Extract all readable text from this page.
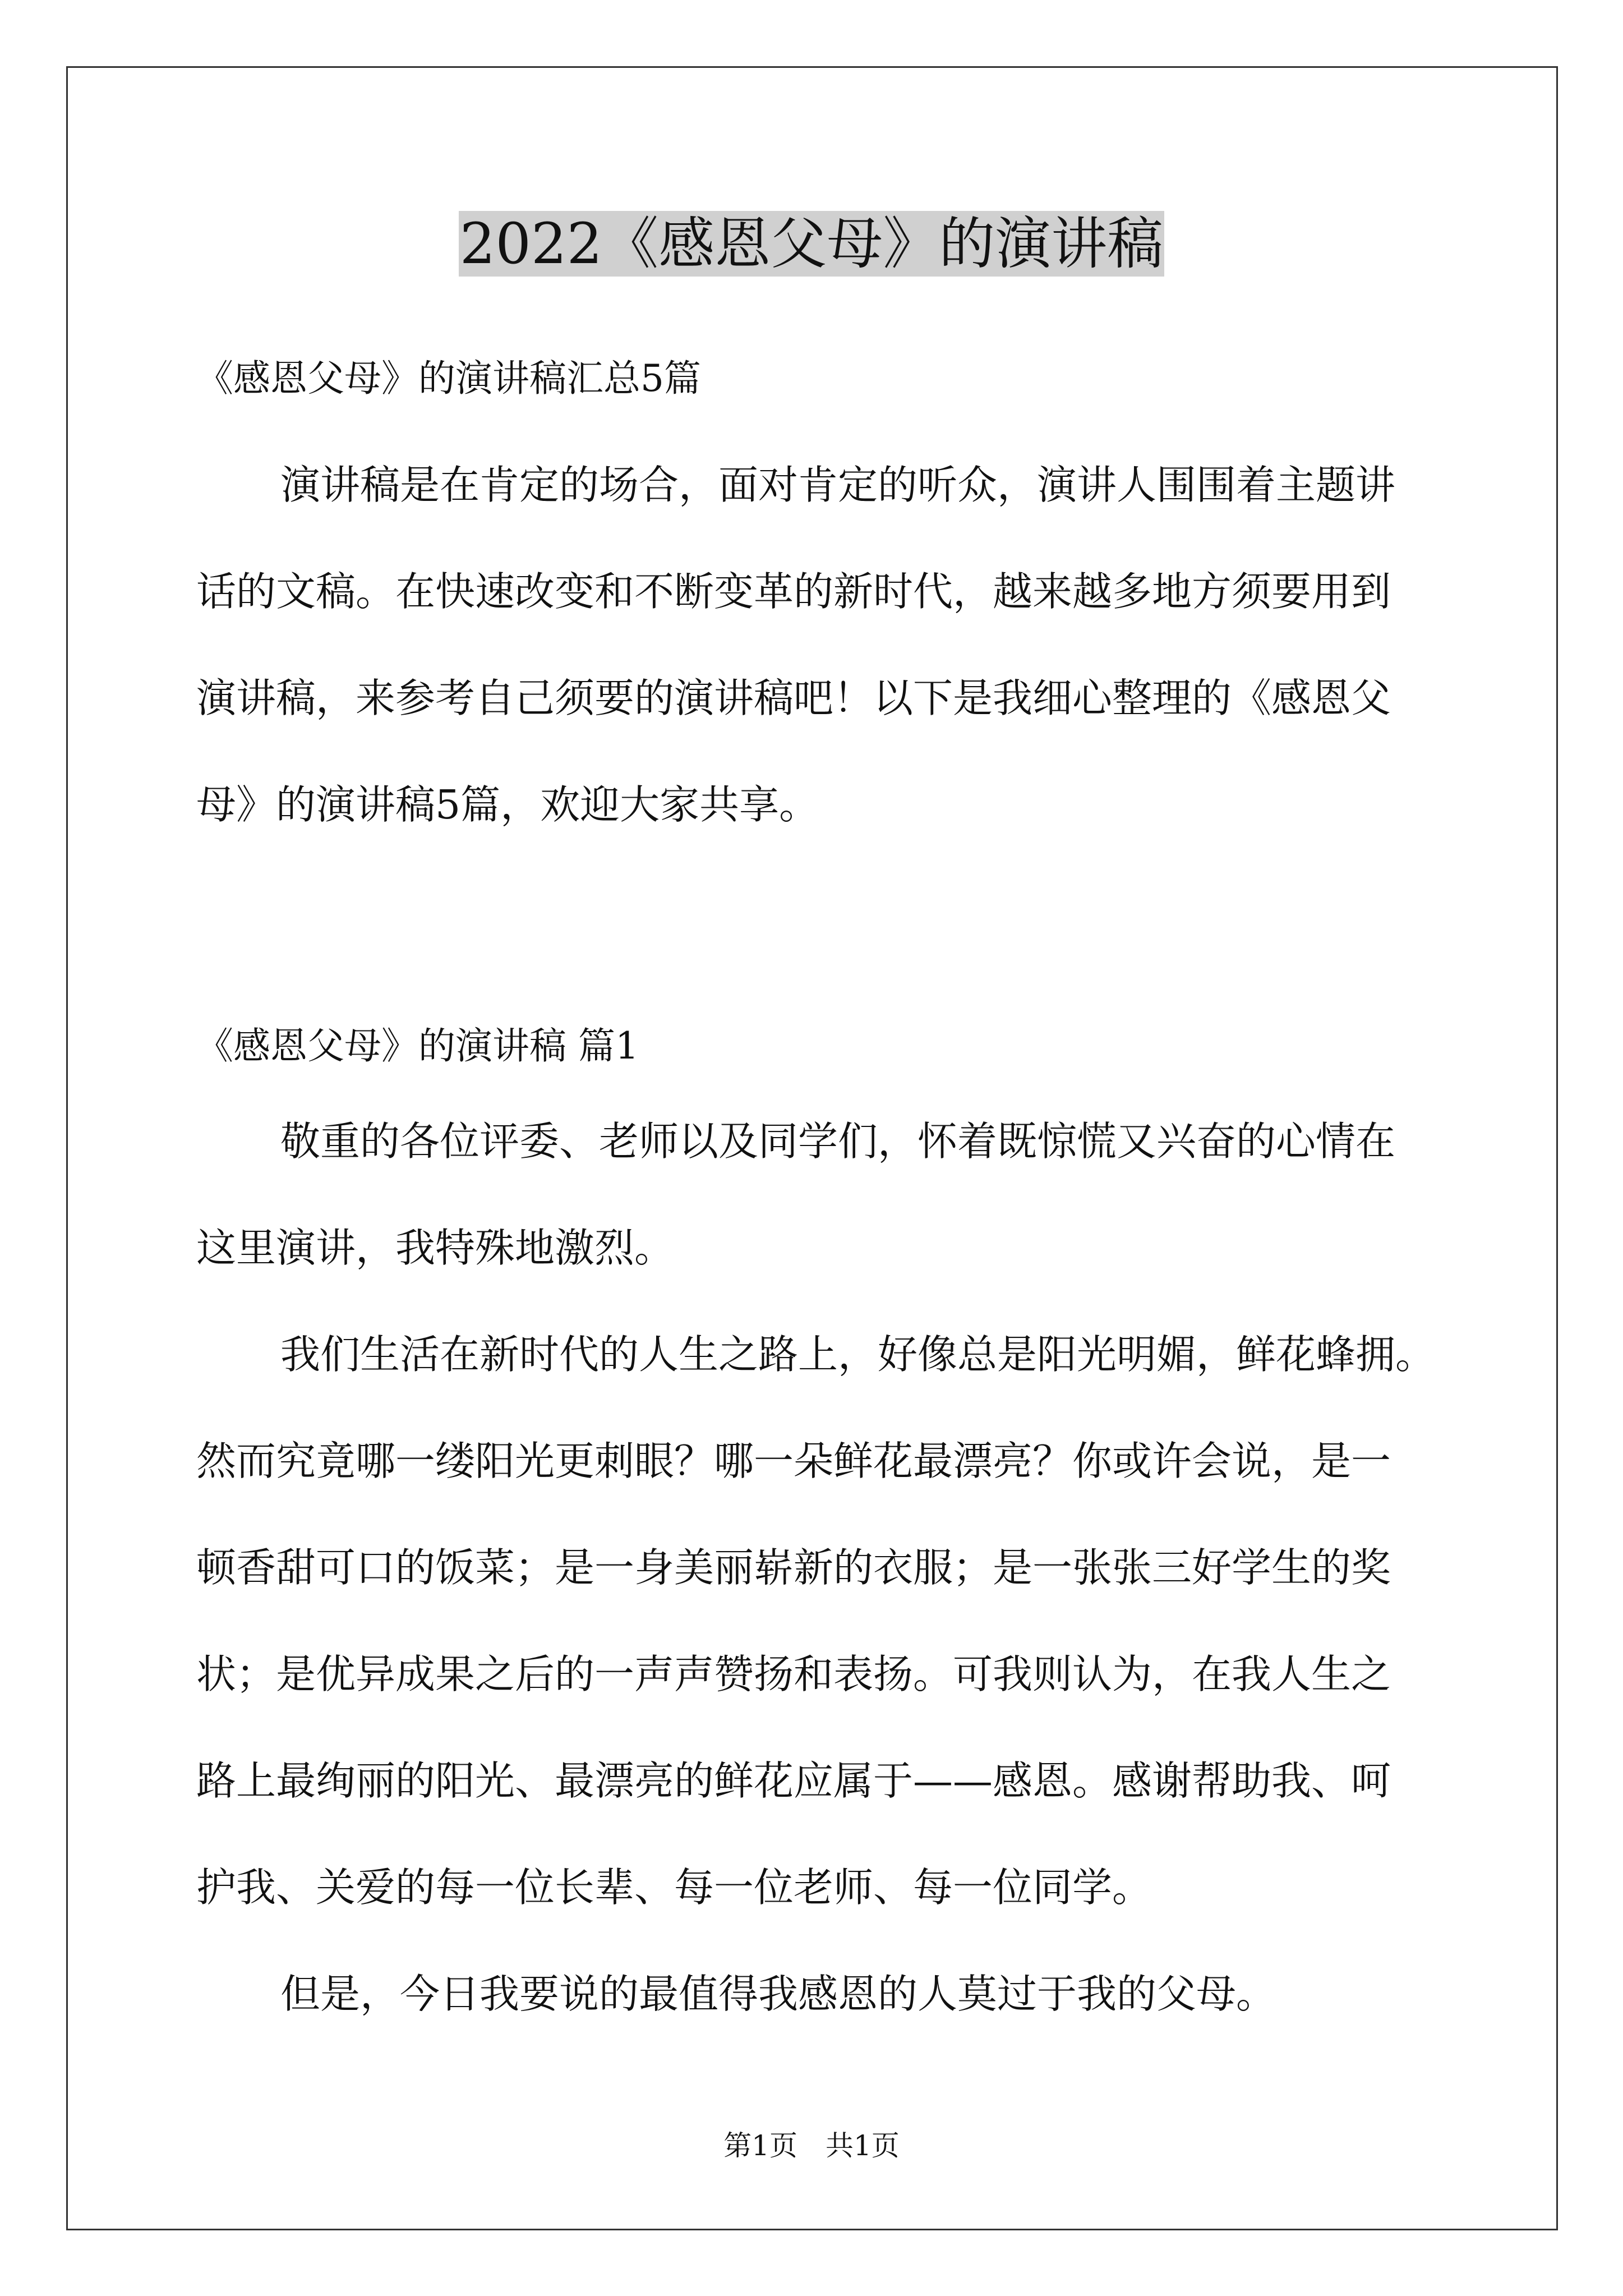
2022《感恩父母》的演讲稿

《感恩父母》的演讲稿汇总5篇

演讲稿是在肯定的场合，面对肯定的听众，演讲人围围着主题讲

话的文稿。在快速改变和不断变革的新时代，越来越多地方须要用到

演讲稿，来参考自己须要的演讲稿吧！以下是我细心整理的《感恩父

母》的演讲稿5篇，欢迎大家共享。

《感恩父母》的演讲稿 篇1

敬重的各位评委、老师以及同学们，怀着既惊慌又兴奋的心情在

这里演讲，我特殊地激烈。

我们生活在新时代的人生之路上，好像总是阳光明媚，鲜花蜂拥。

然而究竟哪一缕阳光更刺眼？哪一朵鲜花最漂亮？你或许会说，是一

顿香甜可口的饭菜；是一身美丽崭新的衣服；是一张张三好学生的奖

状；是优异成果之后的一声声赞扬和表扬。可我则认为，在我人生之

路上最绚丽的阳光、最漂亮的鲜花应属于——感恩。感谢帮助我、呵

护我、关爱的每一位长辈、每一位老师、每一位同学。

但是，今日我要说的最值得我感恩的人莫过于我的父母。

第1页　共1页
